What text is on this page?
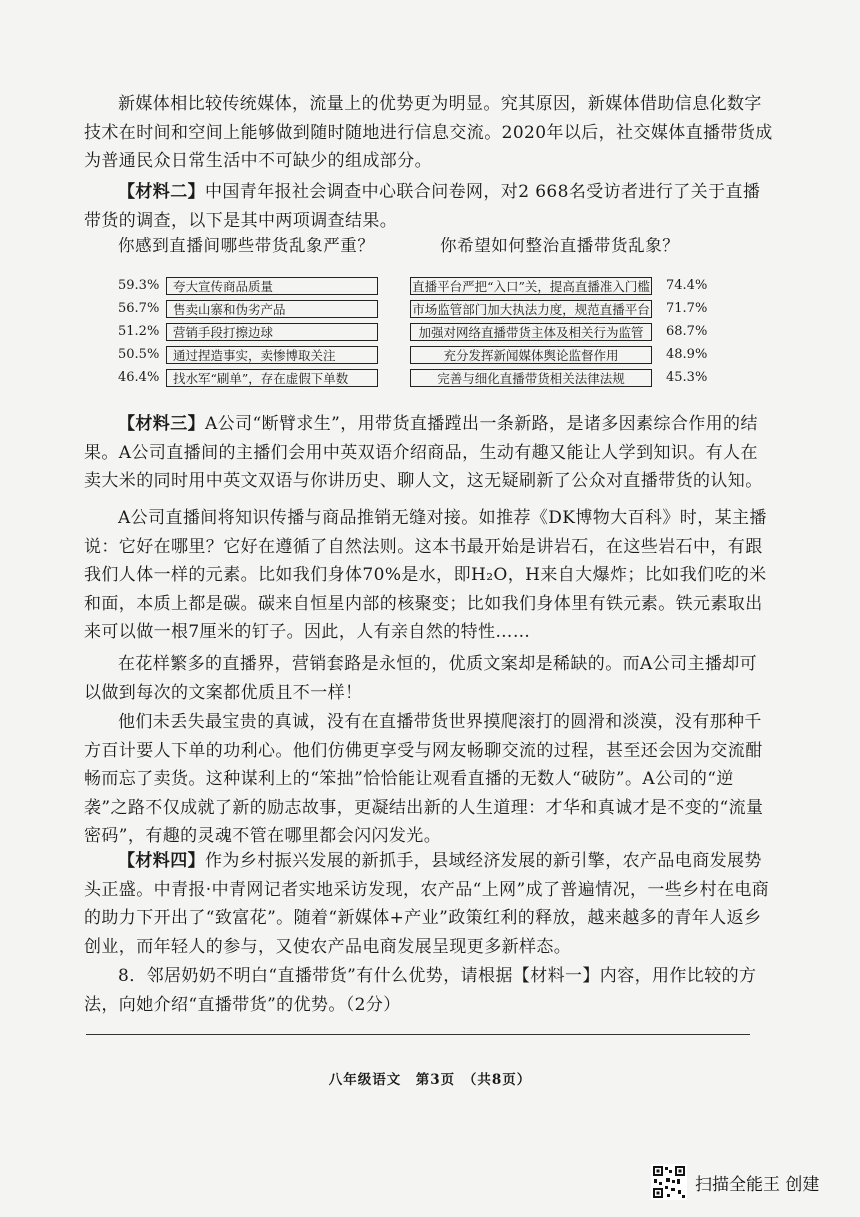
新媒体相比较传统媒体，流量上的优势更为明显。究其原因，新媒体借助信息化数字技术在时间和空间上能够做到随时随地进行信息交流。2020年以后，社交媒体直播带货成为普通民众日常生活中不可缺少的组成部分。

【材料二】中国青年报社会调查中心联合问卷网，对2 668名受访者进行了关于直播带货的调查，以下是其中两项调查结果。

你感到直播间哪些带货乱象严重？	你希望如何整治直播带货乱象？
59.3%	夸大宣传商品质量
56.7%	售卖山寨和伪劣产品
51.2%	营销手段打擦边球
50.5%	通过捏造事实，卖惨博取关注
46.4%	找水军“刷单”，存在虚假下单数
直播平台严把“入口”关，提高直播准入门槛 74.4%
市场监管部门加大执法力度，规范直播平台 71.7%
加强对网络直播带货主体及相关行为监管	68.7%
充分发挥新闻媒体舆论监督作用	48.9%
完善与细化直播带货相关法律法规	45.3%

【材料三】A公司“断臂求生”，用带货直播蹚出一条新路，是诸多因素综合作用的结果。A公司直播间的主播们会用中英双语介绍商品，生动有趣又能让人学到知识。有人在卖大米的同时用中英文双语与你讲历史、聊人文，这无疑刷新了公众对直播带货的认知。

A公司直播间将知识传播与商品推销无缝对接。如推荐《DK博物大百科》时，某主播说：它好在哪里？它好在遵循了自然法则。这本书最开始是讲岩石，在这些岩石中，有跟我们人体一样的元素。比如我们身体70%是水，即H₂O，H来自大爆炸；比如我们吃的米和面，本质上都是碳。碳来自恒星内部的核聚变；比如我们身体里有铁元素。铁元素取出来可以做一根7厘米的钉子。因此，人有亲自然的特性……

在花样繁多的直播界，营销套路是永恒的，优质文案却是稀缺的。而A公司主播却可以做到每次的文案都优质且不一样！

他们未丢失最宝贵的真诚，没有在直播带货世界摸爬滚打的圆滑和淡漠，没有那种千方百计要人下单的功利心。他们仿佛更享受与网友畅聊交流的过程，甚至还会因为交流酣畅而忘了卖货。这种谋利上的“笨拙”恰恰能让观看直播的无数人“破防”。A公司的“逆袭”之路不仅成就了新的励志故事，更凝结出新的人生道理：才华和真诚才是不变的“流量密码”，有趣的灵魂不管在哪里都会闪闪发光。

【材料四】作为乡村振兴发展的新抓手，县域经济发展的新引擎，农产品电商发展势头正盛。中青报·中青网记者实地采访发现，农产品“上网”成了普遍情况，一些乡村在电商的助力下开出了“致富花”。随着“新媒体+产业”政策红利的释放，越来越多的青年人返乡创业，而年轻人的参与，又使农产品电商发展呈现更多新样态。

8．邻居奶奶不明白“直播带货”有什么优势，请根据【材料一】内容，用作比较的方法，向她介绍“直播带货”的优势。（2分）

八年级语文　第3页　（共8页）
扫描全能王 创建
